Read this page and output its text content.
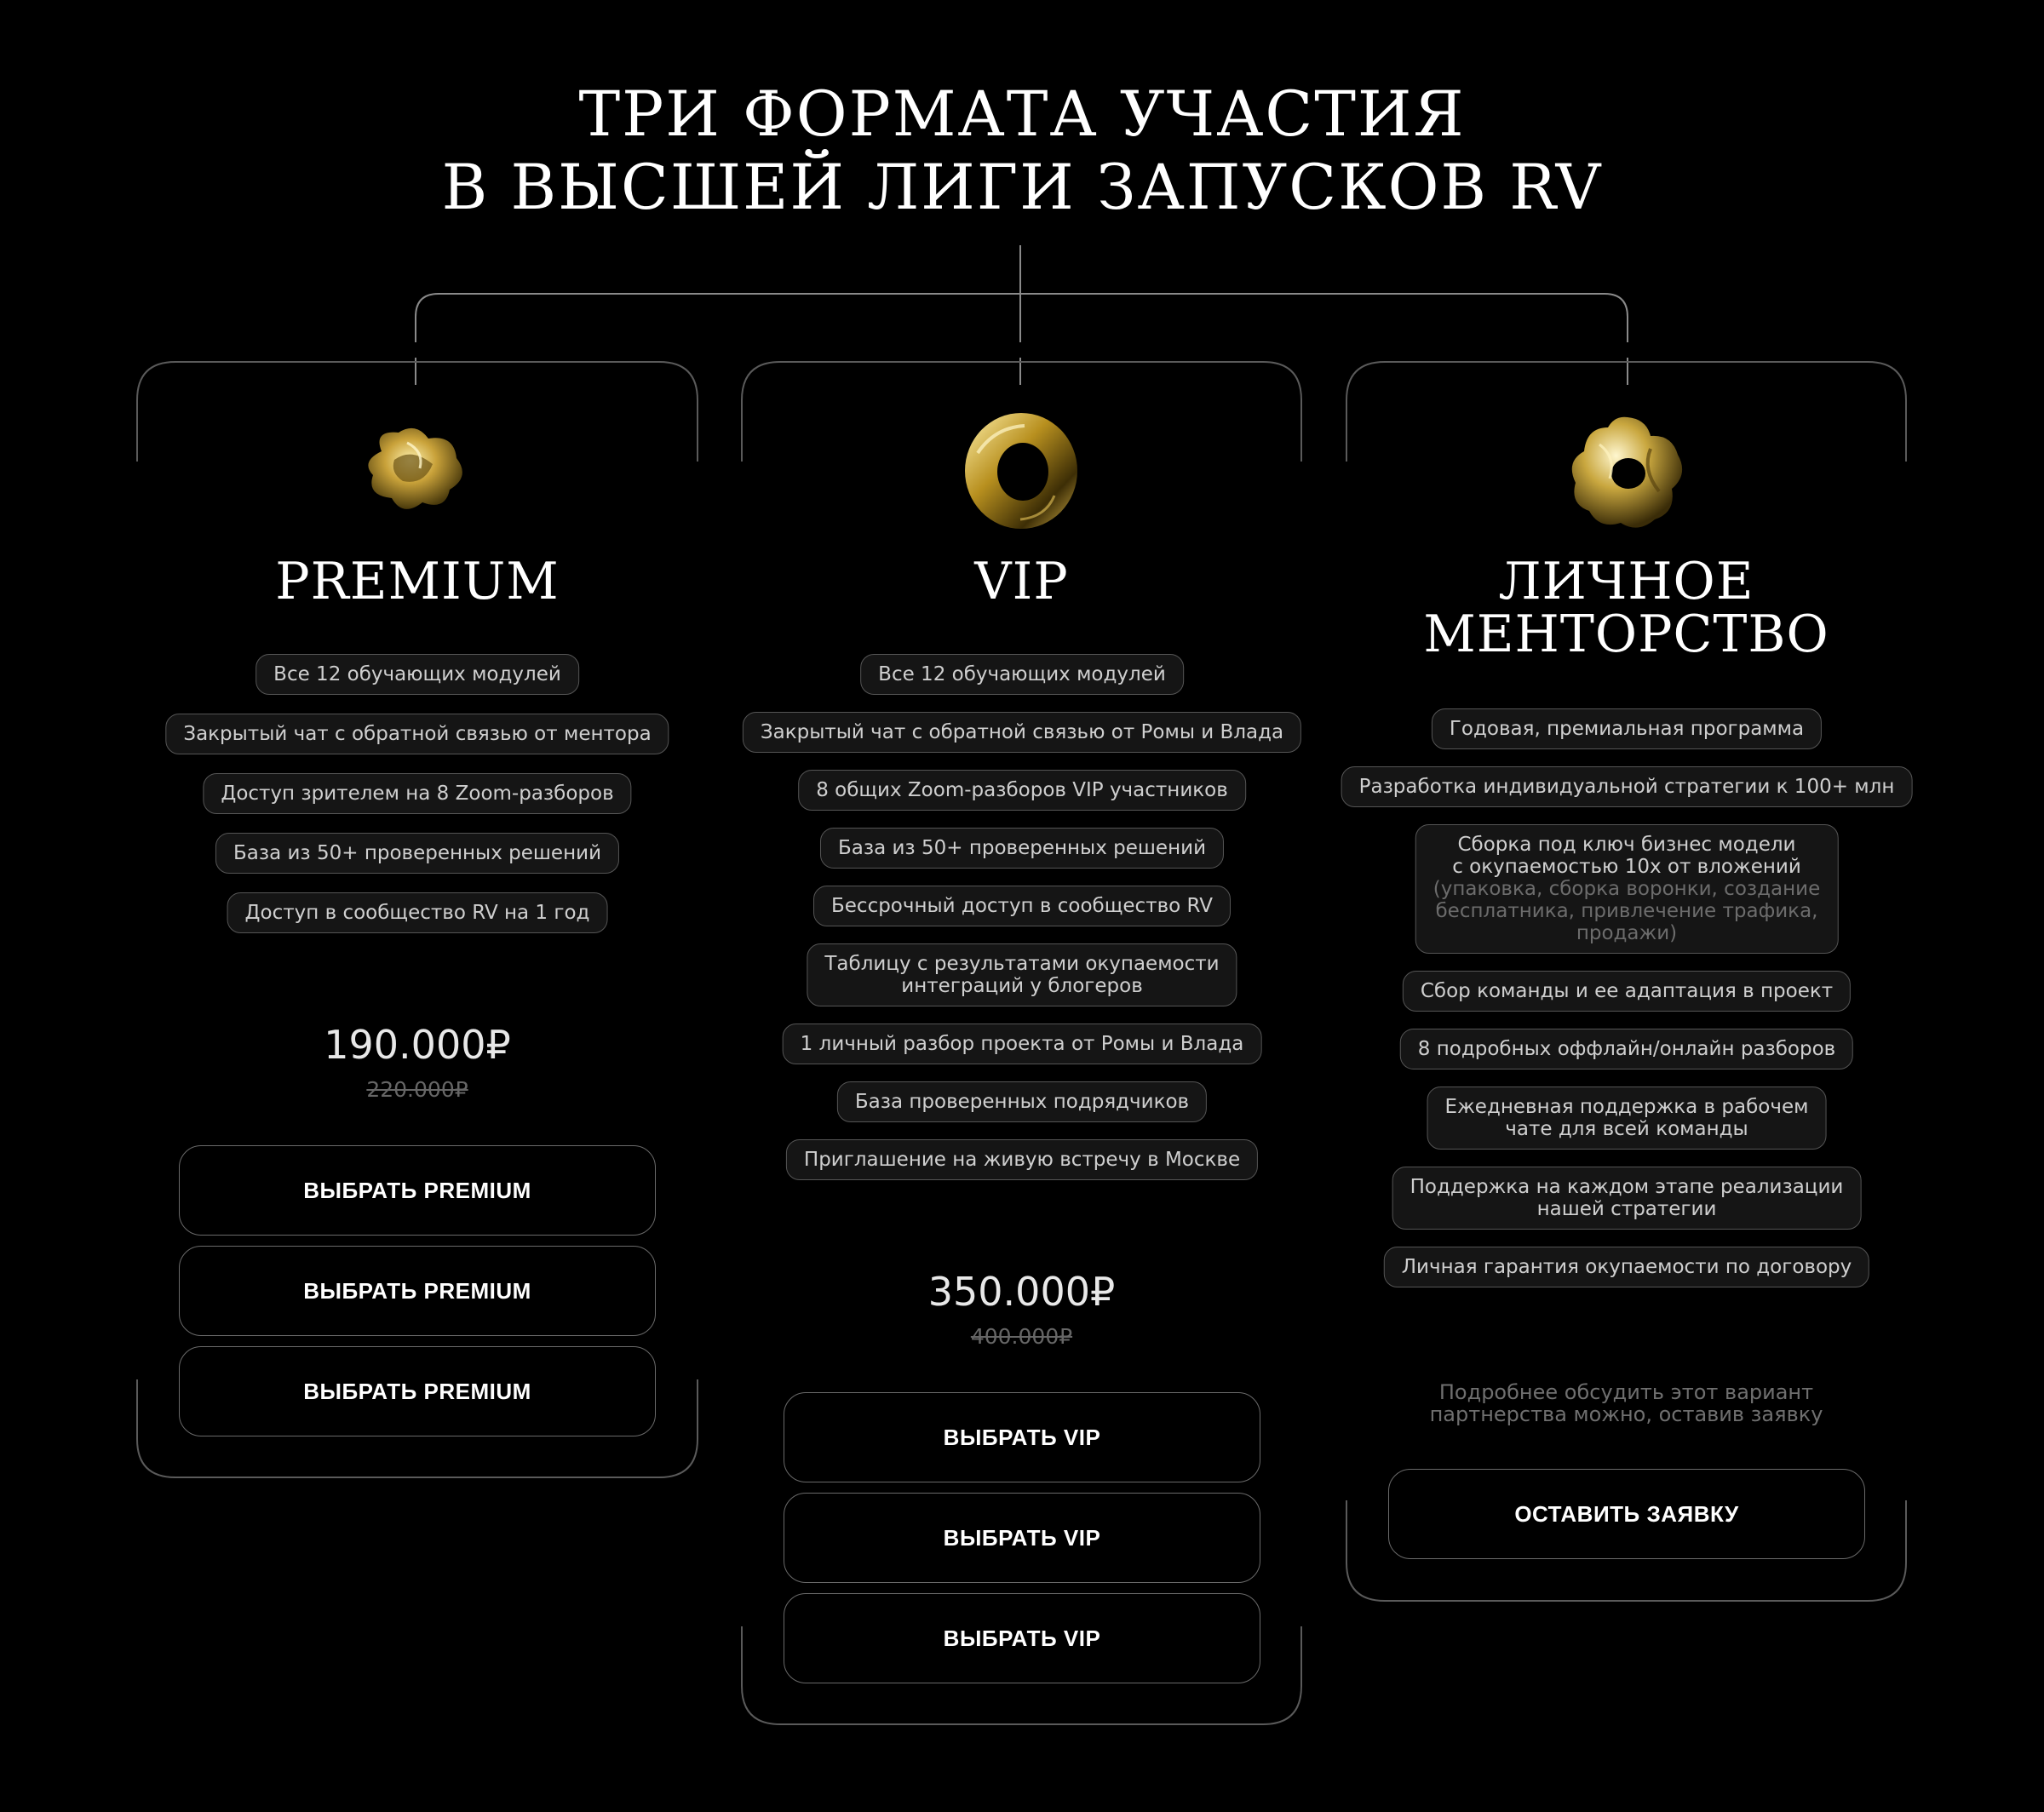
ТРИ ФОРМАТА УЧАСТИЯ
В ВЫСШЕЙ ЛИГИ ЗАПУСКОВ RV
PREMIUM
Все 12 обучающих модулей
Закрытый чат с обратной связью от ментора
Доступ зрителем на 8 Zoom-разборов
База из 50+ проверенных решений
Доступ в сообщество RV на 1 год
190.000₽
220.000₽
ВЫБРАТЬ PREMIUM
ВЫБРАТЬ PREMIUM
ВЫБРАТЬ PREMIUM
VIP
Все 12 обучающих модулей
Закрытый чат с обратной связью от Ромы и Влада
8 общих Zoom-разборов VIP участников
База из 50+ проверенных решений
Бессрочный доступ в сообщество RV
Таблицу с результатами окупаемости
интеграций у блогеров
1 личный разбор проекта от Ромы и Влада
База проверенных подрядчиков
Приглашение на живую встречу в Москве
350.000₽
400.000₽
ВЫБРАТЬ VIP
ВЫБРАТЬ VIP
ВЫБРАТЬ VIP
ЛИЧНОЕ
МЕНТОРСТВО
Годовая, премиальная программа
Разработка индивидуальной стратегии к 100+ млн
Сборка под ключ бизнес модели
с окупаемостью 10х от вложений
(упаковка, сборка воронки, создание
бесплатника, привлечение трафика,
продажи)
Сбор команды и ее адаптация в проект
8 подробных оффлайн/онлайн разборов
Ежедневная поддержка в рабочем
чате для всей команды
Поддержка на каждом этапе реализации
нашей стратегии
Личная гарантия окупаемости по договору
Подробнее обсудить этот вариант
партнерства можно, оставив заявку
ОСТАВИТЬ ЗАЯВКУ
